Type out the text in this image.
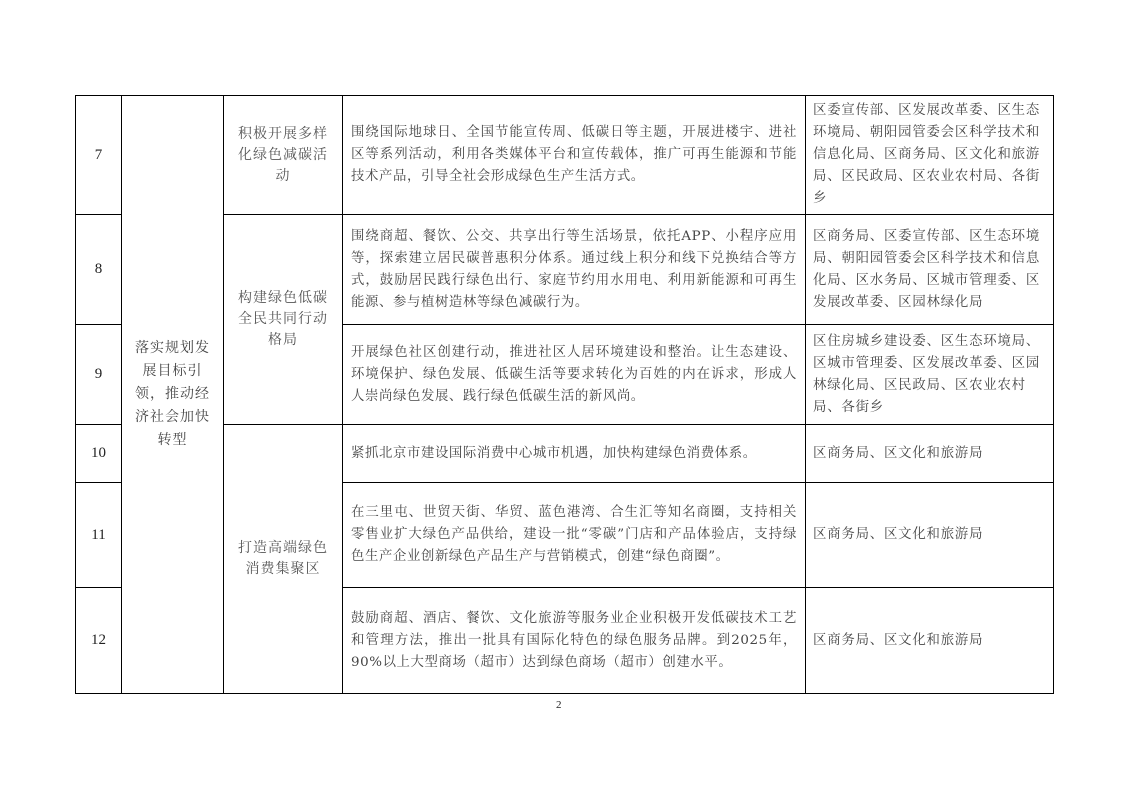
7	落实规划发展目标引领，推动经济社会加快转型	积极开展多样化绿色减碳活动	围绕国际地球日、全国节能宣传周、低碳日等主题，开展进楼宇、进社区等系列活动，利用各类媒体平台和宣传载体，推广可再生能源和节能技术产品，引导全社会形成绿色生产生活方式。	区委宣传部、区发展改革委、区生态环境局、朝阳园管委会区科学技术和信息化局、区商务局、区文化和旅游局、区民政局、区农业农村局、各街乡
8		构建绿色低碳全民共同行动格局	围绕商超、餐饮、公交、共享出行等生活场景，依托APP、小程序应用等，探索建立居民碳普惠积分体系。通过线上积分和线下兑换结合等方式，鼓励居民践行绿色出行、家庭节约用水用电、利用新能源和可再生能源、参与植树造林等绿色减碳行为。	区商务局、区委宣传部、区生态环境局、朝阳园管委会区科学技术和信息化局、区水务局、区城市管理委、区发展改革委、区园林绿化局
9			开展绿色社区创建行动，推进社区人居环境建设和整治。让生态建设、环境保护、绿色发展、低碳生活等要求转化为百姓的内在诉求，形成人人崇尚绿色发展、践行绿色低碳生活的新风尚。	区住房城乡建设委、区生态环境局、区城市管理委、区发展改革委、区园林绿化局、区民政局、区农业农村局、各街乡
10		打造高端绿色消费集聚区	紧抓北京市建设国际消费中心城市机遇，加快构建绿色消费体系。	区商务局、区文化和旅游局
11			在三里屯、世贸天街、华贸、蓝色港湾、合生汇等知名商圈，支持相关零售业扩大绿色产品供给，建设一批“零碳”门店和产品体验店，支持绿色生产企业创新绿色产品生产与营销模式，创建“绿色商圈”。	区商务局、区文化和旅游局
12			鼓励商超、酒店、餐饮、文化旅游等服务业企业积极开发低碳技术工艺和管理方法，推出一批具有国际化特色的绿色服务品牌。到2025年，90%以上大型商场（超市）达到绿色商场（超市）创建水平。	区商务局、区文化和旅游局
2
